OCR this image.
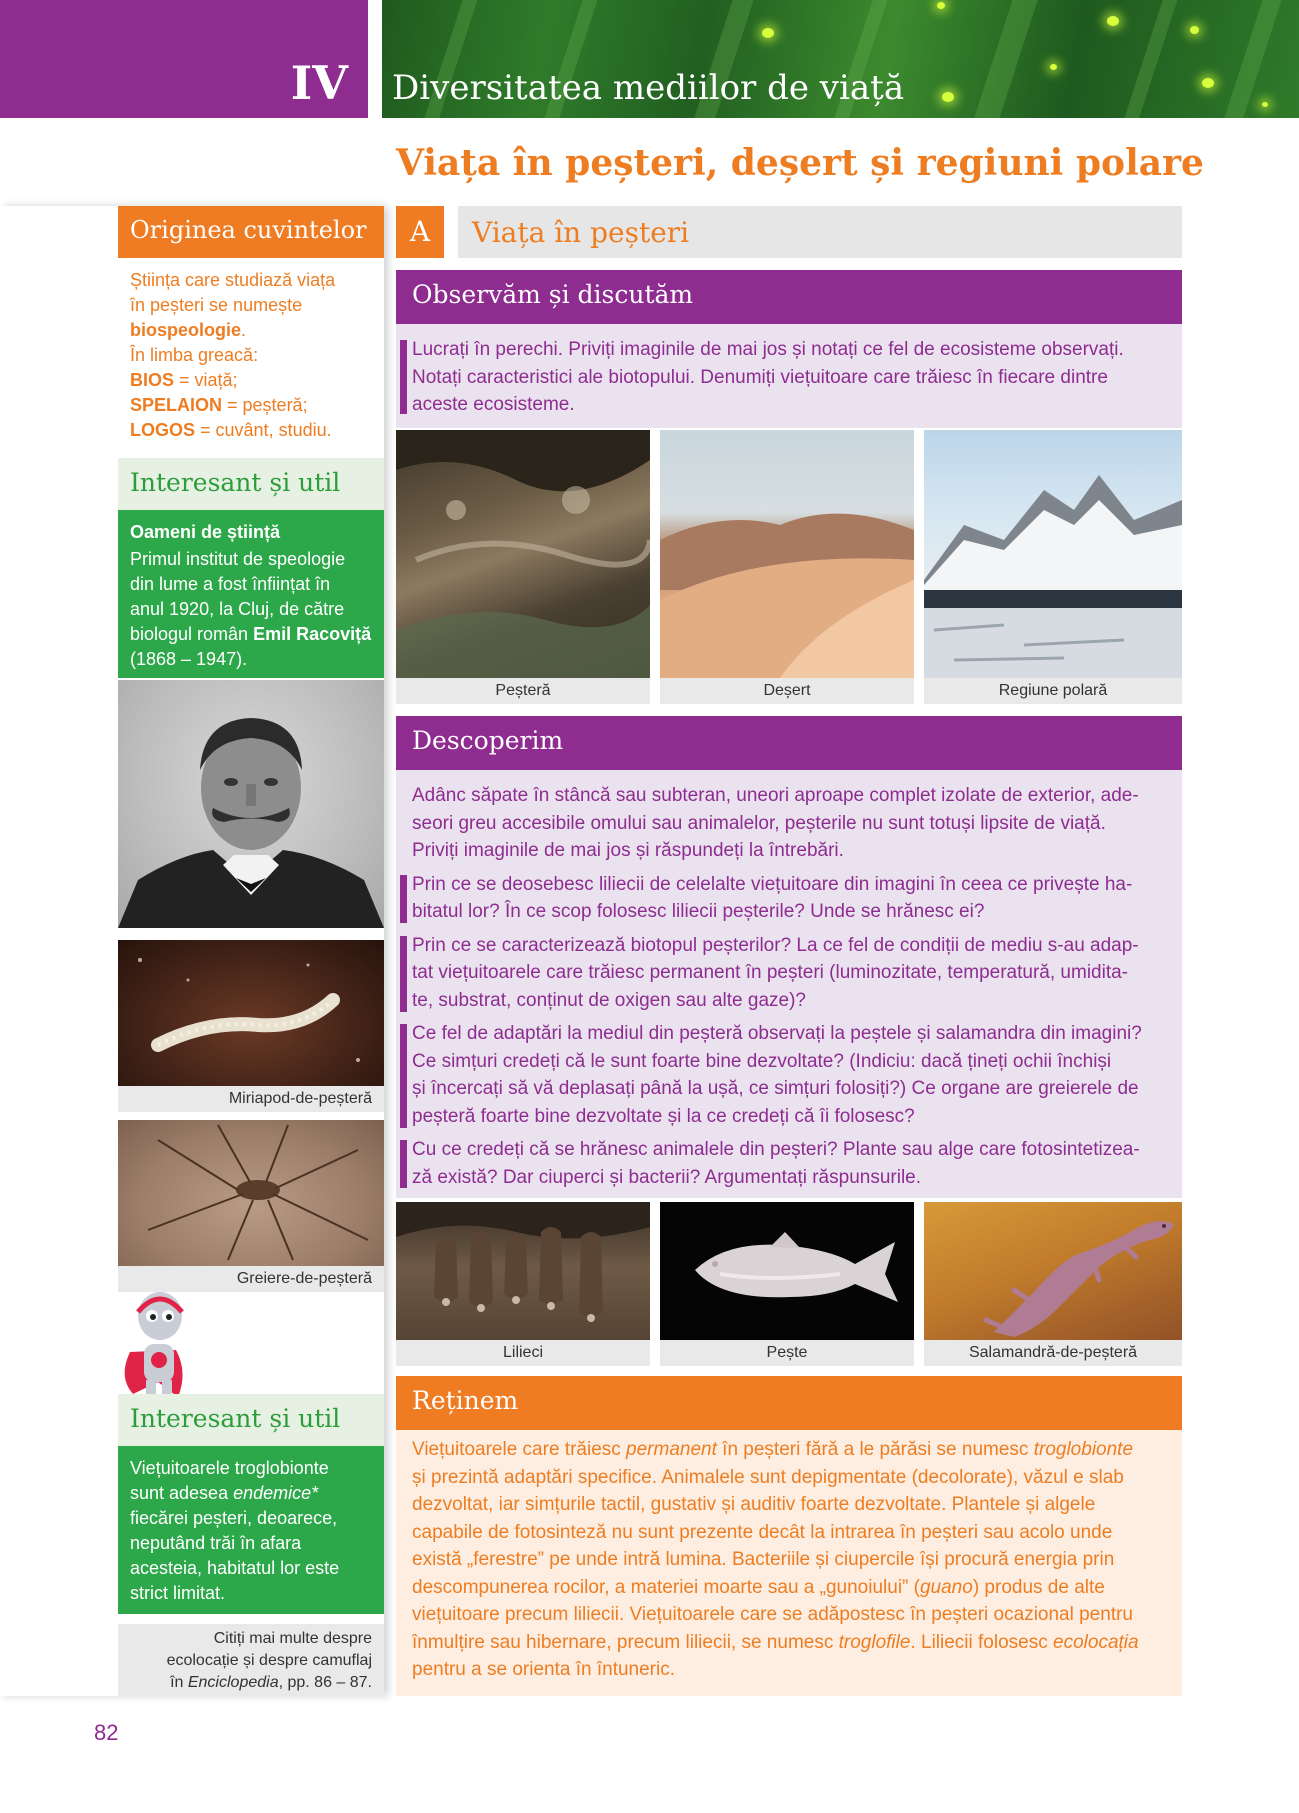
IV Diversitatea mediilor de viață
Viața în peșteri, deșert și regiuni polare
Originea cuvintelor
Știința care studiază viața
în peșteri se numește
biospeologie.
În limba greacă:
BIOS = viață;
SPELAION = peșteră;
LOGOS = cuvânt, studiu.
Interesant și util
Oameni de știință
Primul institut de speologie
din lume a fost înființat în
anul 1920, la Cluj, de către
biologul român Emil Racoviță
(1868 – 1947).
Miriapod-de-peșteră
Greiere-de-peșteră
Interesant și util
Viețuitoarele troglobionte
sunt adesea endemice*
fiecărei peșteri, deoarece,
neputând trăi în afara
acesteia, habitatul lor este
strict limitat.
Citiți mai multe despre
ecolocație și despre camuflaj
în Enciclopedia, pp. 86 – 87.
A	Viața în peșteri
Observăm și discutăm
Lucrați în perechi. Priviți imaginile de mai jos și notați ce fel de ecosisteme observați.
Notați caracteristici ale biotopului. Denumiți viețuitoare care trăiesc în fiecare dintre
aceste ecosisteme.
Peșteră	Deșert	Regiune polară
Descoperim
Adânc săpate în stâncă sau subteran, uneori aproape complet izolate de exterior, ade-
seori greu accesibile omului sau animalelor, peșterile nu sunt totuși lipsite de viață.
Priviți imaginile de mai jos și răspundeți la întrebări.
Prin ce se deosebesc liliecii de celelalte viețuitoare din imagini în ceea ce privește ha-
bitatul lor? În ce scop folosesc liliecii peșterile? Unde se hrănesc ei?
Prin ce se caracterizează biotopul peșterilor? La ce fel de condiții de mediu s-au adap-
tat viețuitoarele care trăiesc permanent în peșteri (luminozitate, temperatură, umidita-
te, substrat, conținut de oxigen sau alte gaze)?
Ce fel de adaptări la mediul din peșteră observați la peștele și salamandra din imagini?
Ce simțuri credeți că le sunt foarte bine dezvoltate? (Indiciu: dacă țineți ochii închiși
și încercați să vă deplasați până la ușă, ce simțuri folosiți?) Ce organe are greierele de
peșteră foarte bine dezvoltate și la ce credeți că îi folosesc?
Cu ce credeți că se hrănesc animalele din peșteri? Plante sau alge care fotosintetizea-
ză există? Dar ciuperci și bacterii? Argumentați răspunsurile.
Lilieci	Pește	Salamandră-de-peșteră
Reținem
Viețuitoarele care trăiesc permanent în peșteri fără a le părăsi se numesc troglobionte
și prezintă adaptări specifice. Animalele sunt depigmentate (decolorate), văzul e slab
dezvoltat, iar simțurile tactil, gustativ și auditiv foarte dezvoltate. Plantele și algele
capabile de fotosinteză nu sunt prezente decât la intrarea în peșteri sau acolo unde
există „ferestre” pe unde intră lumina. Bacteriile și ciupercile își procură energia prin
descompunerea rocilor, a materiei moarte sau a „gunoiului” (guano) produs de alte
viețuitoare precum liliecii. Viețuitoarele care se adăpostesc în peșteri ocazional pentru
înmulțire sau hibernare, precum liliecii, se numesc troglofile. Liliecii folosesc ecolocația
pentru a se orienta în întuneric.
82
